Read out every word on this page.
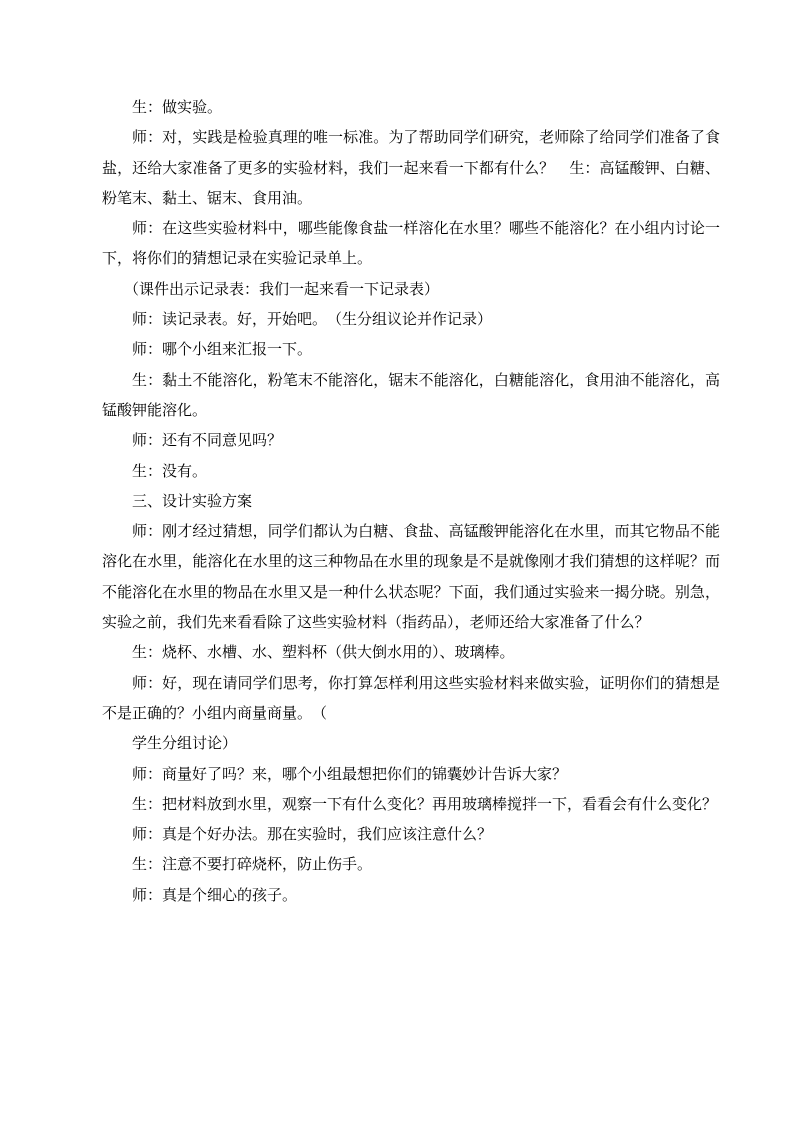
生：做实验。

师：对，实践是检验真理的唯一标准。为了帮助同学们研究，老师除了给同学们准备了食盐，还给大家准备了更多的实验材料，我们一起来看一下都有什么？　生：高锰酸钾、白糖、粉笔末、黏土、锯末、食用油。

师：在这些实验材料中，哪些能像食盐一样溶化在水里？哪些不能溶化？在小组内讨论一下，将你们的猜想记录在实验记录单上。

（课件出示记录表：我们一起来看一下记录表）

师：读记录表。好，开始吧。　（生分组议论并作记录）

师：哪个小组来汇报一下。

生：黏土不能溶化，粉笔末不能溶化，锯末不能溶化，白糖能溶化，食用油不能溶化，高锰酸钾能溶化。

师：还有不同意见吗？

生：没有。

三、设计实验方案

师：刚才经过猜想，同学们都认为白糖、食盐、高锰酸钾能溶化在水里，而其它物品不能溶化在水里，能溶化在水里的这三种物品在水里的现象是不是就像刚才我们猜想的这样呢？而不能溶化在水里的物品在水里又是一种什么状态呢？下面，我们通过实验来一揭分晓。别急，实验之前，我们先来看看除了这些实验材料（指药品），老师还给大家准备了什么？

生：烧杯、水槽、水、塑料杯（供大倒水用的）、玻璃棒。

师：好，现在请同学们思考，你打算怎样利用这些实验材料来做实验，证明你们的猜想是不是正确的？小组内商量商量。　（

学生分组讨论）

师：商量好了吗？来，哪个小组最想把你们的锦囊妙计告诉大家？

生：把材料放到水里，观察一下有什么变化？再用玻璃棒搅拌一下，看看会有什么变化？

师：真是个好办法。那在实验时，我们应该注意什么？

生：注意不要打碎烧杯，防止伤手。

师：真是个细心的孩子。
